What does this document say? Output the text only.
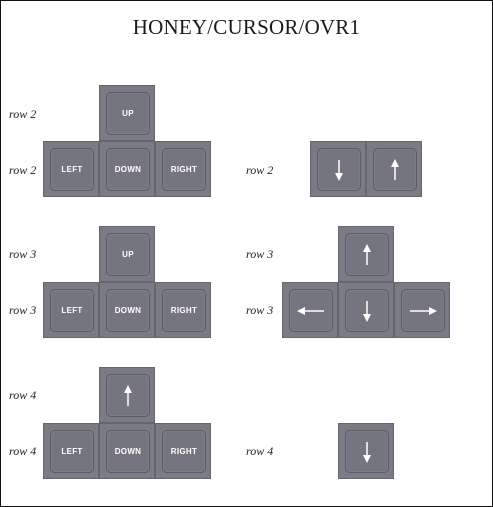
HONEY/CURSOR/OVR1
row 2
row 2
row 3
row 3
row 4
row 4
row 2
row 3
row 3
row 4
UP
LEFT	DOWN	RIGHT
UP
LEFT	DOWN	RIGHT
LEFT	DOWN	RIGHT
